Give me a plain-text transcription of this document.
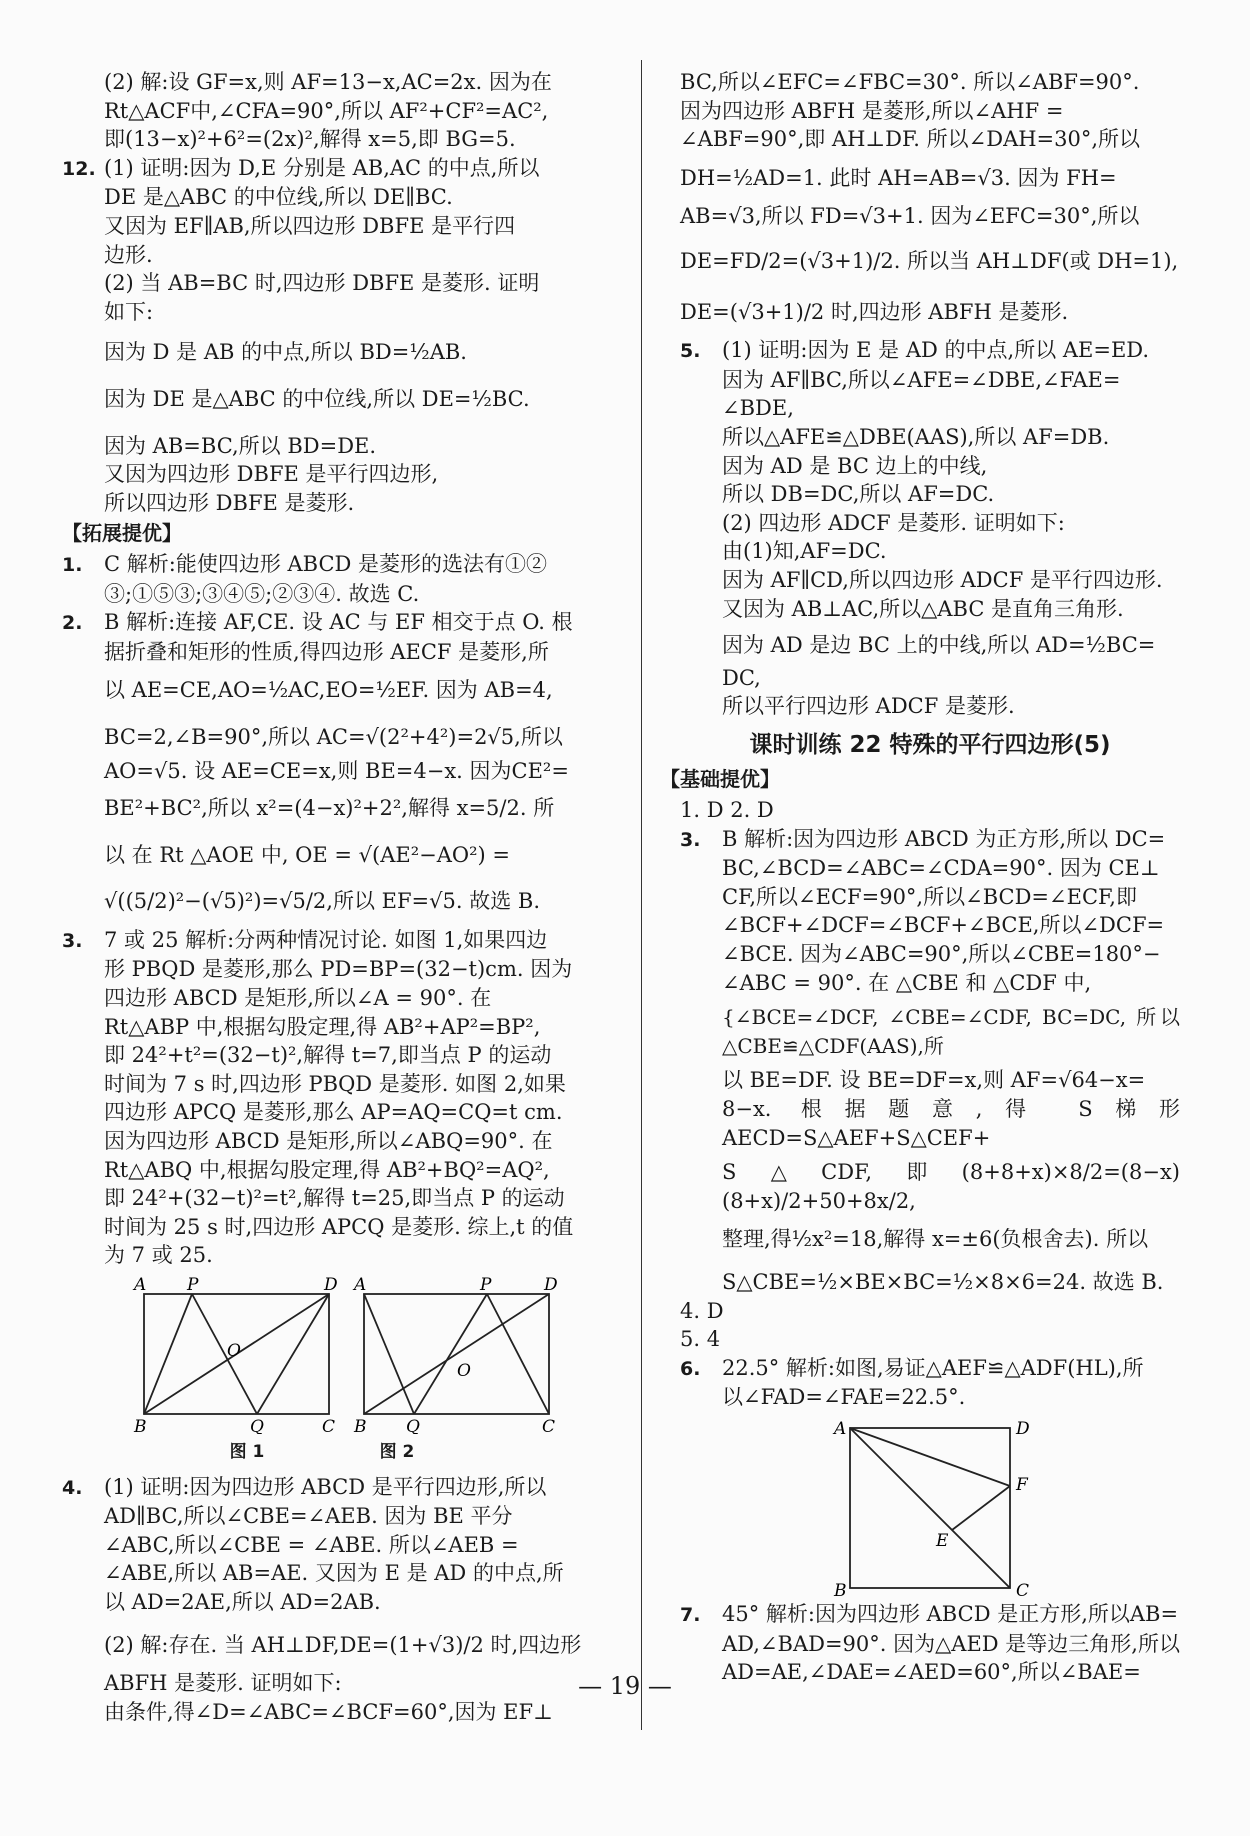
(2) 解:设 GF=x,则 AF=13−x,AC=2x. 因为在

Rt△ACF中,∠CFA=90°,所以 AF²+CF²=AC²,

即(13−x)²+6²=(2x)²,解得 x=5,即 BG=5.

12. (1) 证明:因为 D,E 分别是 AB,AC 的中点,所以

DE 是△ABC 的中位线,所以 DE∥BC.

又因为 EF∥AB,所以四边形 DBFE 是平行四

边形.

(2) 当 AB=BC 时,四边形 DBFE 是菱形. 证明

如下:

因为 D 是 AB 的中点,所以 BD=½AB.

因为 DE 是△ABC 的中位线,所以 DE=½BC.

因为 AB=BC,所以 BD=DE.

又因为四边形 DBFE 是平行四边形,

所以四边形 DBFE 是菱形.

【拓展提优】

1. C 解析:能使四边形 ABCD 是菱形的选法有①②

③;①⑤③;③④⑤;②③④. 故选 C.

2. B 解析:连接 AF,CE. 设 AC 与 EF 相交于点 O. 根

据折叠和矩形的性质,得四边形 AECF 是菱形,所

以 AE=CE,AO=½AC,EO=½EF. 因为 AB=4,

BC=2,∠B=90°,所以 AC=√(2²+4²)=2√5,所以

AO=√5. 设 AE=CE=x,则 BE=4−x. 因为CE²=

BE²+BC²,所以 x²=(4−x)²+2²,解得 x=5/2. 所

以 在 Rt △AOE 中, OE = √(AE²−AO²) =

√((5/2)²−(√5)²)=√5/2,所以 EF=√5. 故选 B.

3. 7 或 25 解析:分两种情况讨论. 如图 1,如果四边

形 PBQD 是菱形,那么 PD=BP=(32−t)cm. 因为

四边形 ABCD 是矩形,所以∠A = 90°. 在

Rt△ABP 中,根据勾股定理,得 AB²+AP²=BP²,

即 24²+t²=(32−t)²,解得 t=7,即当点 P 的运动

时间为 7 s 时,四边形 PBQD 是菱形. 如图 2,如果

四边形 APCQ 是菱形,那么 AP=AQ=CQ=t cm.

因为四边形 ABCD 是矩形,所以∠ABQ=90°. 在

Rt△ABQ 中,根据勾股定理,得 AB²+BQ²=AQ²,

即 24²+(32−t)²=t²,解得 t=25,即当点 P 的运动

时间为 25 s 时,四边形 APCQ 是菱形. 综上,t 的值

为 7 或 25.

A P	D
O
B	Q	C
A	P	D
O
B Q	C
图 1	图 2

4. (1) 证明:因为四边形 ABCD 是平行四边形,所以

AD∥BC,所以∠CBE=∠AEB. 因为 BE 平分

∠ABC,所以∠CBE = ∠ABE. 所以∠AEB =

∠ABE,所以 AB=AE. 又因为 E 是 AD 的中点,所

以 AD=2AE,所以 AD=2AB.

(2) 解:存在. 当 AH⊥DF,DE=(1+√3)/2 时,四边形

ABFH 是菱形. 证明如下:

由条件,得∠D=∠ABC=∠BCF=60°,因为 EF⊥

BC,所以∠EFC=∠FBC=30°. 所以∠ABF=90°.

因为四边形 ABFH 是菱形,所以∠AHF =

∠ABF=90°,即 AH⊥DF. 所以∠DAH=30°,所以

DH=½AD=1. 此时 AH=AB=√3. 因为 FH=

AB=√3,所以 FD=√3+1. 因为∠EFC=30°,所以

DE=FD/2=(√3+1)/2. 所以当 AH⊥DF(或 DH=1),

DE=(√3+1)/2 时,四边形 ABFH 是菱形.

5. (1) 证明:因为 E 是 AD 的中点,所以 AE=ED.

因为 AF∥BC,所以∠AFE=∠DBE,∠FAE=

∠BDE,

所以△AFE≌△DBE(AAS),所以 AF=DB.

因为 AD 是 BC 边上的中线,

所以 DB=DC,所以 AF=DC.

(2) 四边形 ADCF 是菱形. 证明如下:

由(1)知,AF=DC.

因为 AF∥CD,所以四边形 ADCF 是平行四边形.

又因为 AB⊥AC,所以△ABC 是直角三角形.

因为 AD 是边 BC 上的中线,所以 AD=½BC=

DC,

所以平行四边形 ADCF 是菱形.

课时训练 22 特殊的平行四边形(5)

【基础提优】

1. D 2. D

3. B 解析:因为四边形 ABCD 为正方形,所以 DC=

BC,∠BCD=∠ABC=∠CDA=90°. 因为 CE⊥

CF,所以∠ECF=90°,所以∠BCD=∠ECF,即

∠BCF+∠DCF=∠BCF+∠BCE,所以∠DCF=

∠BCE. 因为∠ABC=90°,所以∠CBE=180°−

∠ABC = 90°. 在 △CBE 和 △CDF 中,

{∠BCE=∠DCF, ∠CBE=∠CDF, BC=DC, 所以△CBE≌△CDF(AAS),所

以 BE=DF. 设 BE=DF=x,则 AF=√64−x=

8−x. 根据题意,得 S梯形AECD=S△AEF+S△CEF+

S△CDF,即(8+8+x)×8/2=(8−x)(8+x)/2+50+8x/2,

整理,得½x²=18,解得 x=±6(负根舍去). 所以

S△CBE=½×BE×BC=½×8×6=24. 故选 B.

4. D

5. 4

6. 22.5° 解析:如图,易证△AEF≌△ADF(HL),所

以∠FAD=∠FAE=22.5°.

A	D
F
E
B	C

7. 45° 解析:因为四边形 ABCD 是正方形,所以AB=

AD,∠BAD=90°. 因为△AED 是等边三角形,所以

AD=AE,∠DAE=∠AED=60°,所以∠BAE=

— 19 —
